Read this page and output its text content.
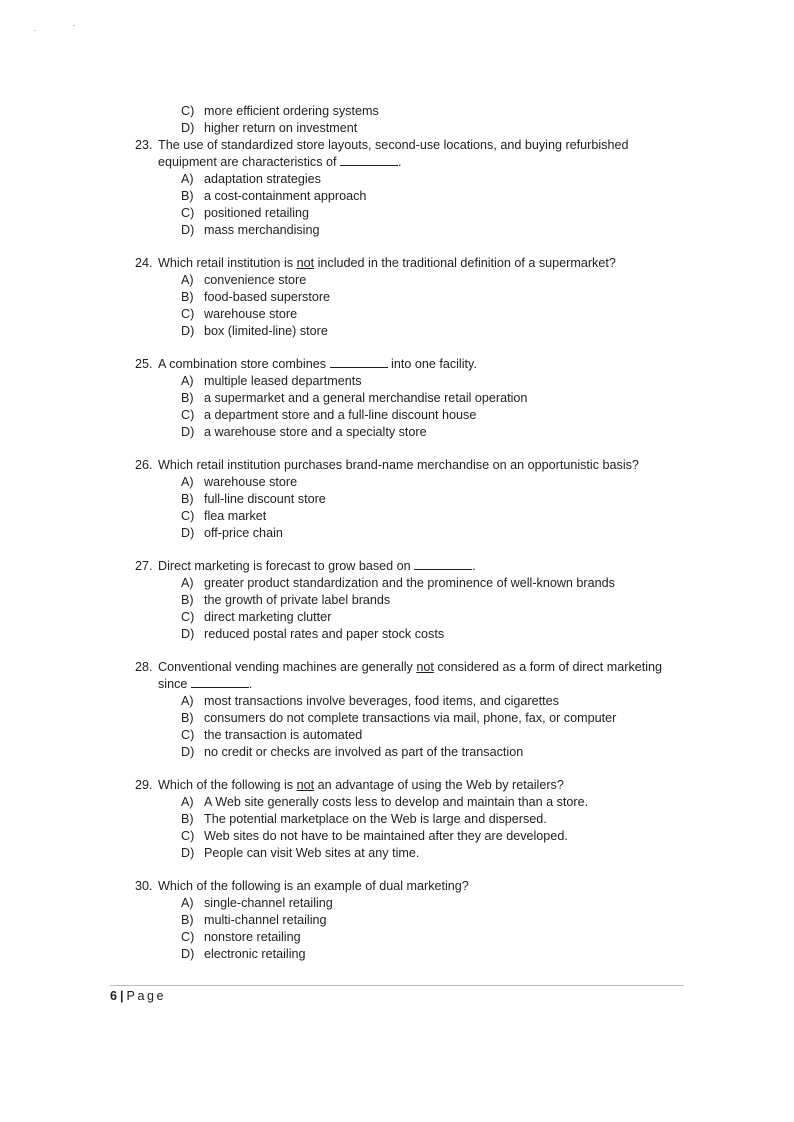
C) more efficient ordering systems
D) higher return on investment
23. The use of standardized store layouts, second-use locations, and buying refurbished equipment are characteristics of	.
A) adaptation strategies
B) a cost-containment approach
C) positioned retailing
D) mass merchandising
24. Which retail institution is not included in the traditional definition of a supermarket?
A) convenience store
B) food-based superstore
C) warehouse store
D) box (limited-line) store
25. A combination store combines	into one facility.
A) multiple leased departments
B) a supermarket and a general merchandise retail operation
C) a department store and a full-line discount house
D) a warehouse store and a specialty store
26. Which retail institution purchases brand-name merchandise on an opportunistic basis?
A) warehouse store
B) full-line discount store
C) flea market
D) off-price chain
27. Direct marketing is forecast to grow based on	.
A) greater product standardization and the prominence of well-known brands
B) the growth of private label brands
C) direct marketing clutter
D) reduced postal rates and paper stock costs
28. Conventional vending machines are generally not considered as a form of direct marketing since	.
A) most transactions involve beverages, food items, and cigarettes
B) consumers do not complete transactions via mail, phone, fax, or computer
C) the transaction is automated
D) no credit or checks are involved as part of the transaction
29. Which of the following is not an advantage of using the Web by retailers?
A) A Web site generally costs less to develop and maintain than a store.
B) The potential marketplace on the Web is large and dispersed.
C) Web sites do not have to be maintained after they are developed.
D) People can visit Web sites at any time.
30. Which of the following is an example of dual marketing?
A) single-channel retailing
B) multi-channel retailing
C) nonstore retailing
D) electronic retailing
6 | Page
